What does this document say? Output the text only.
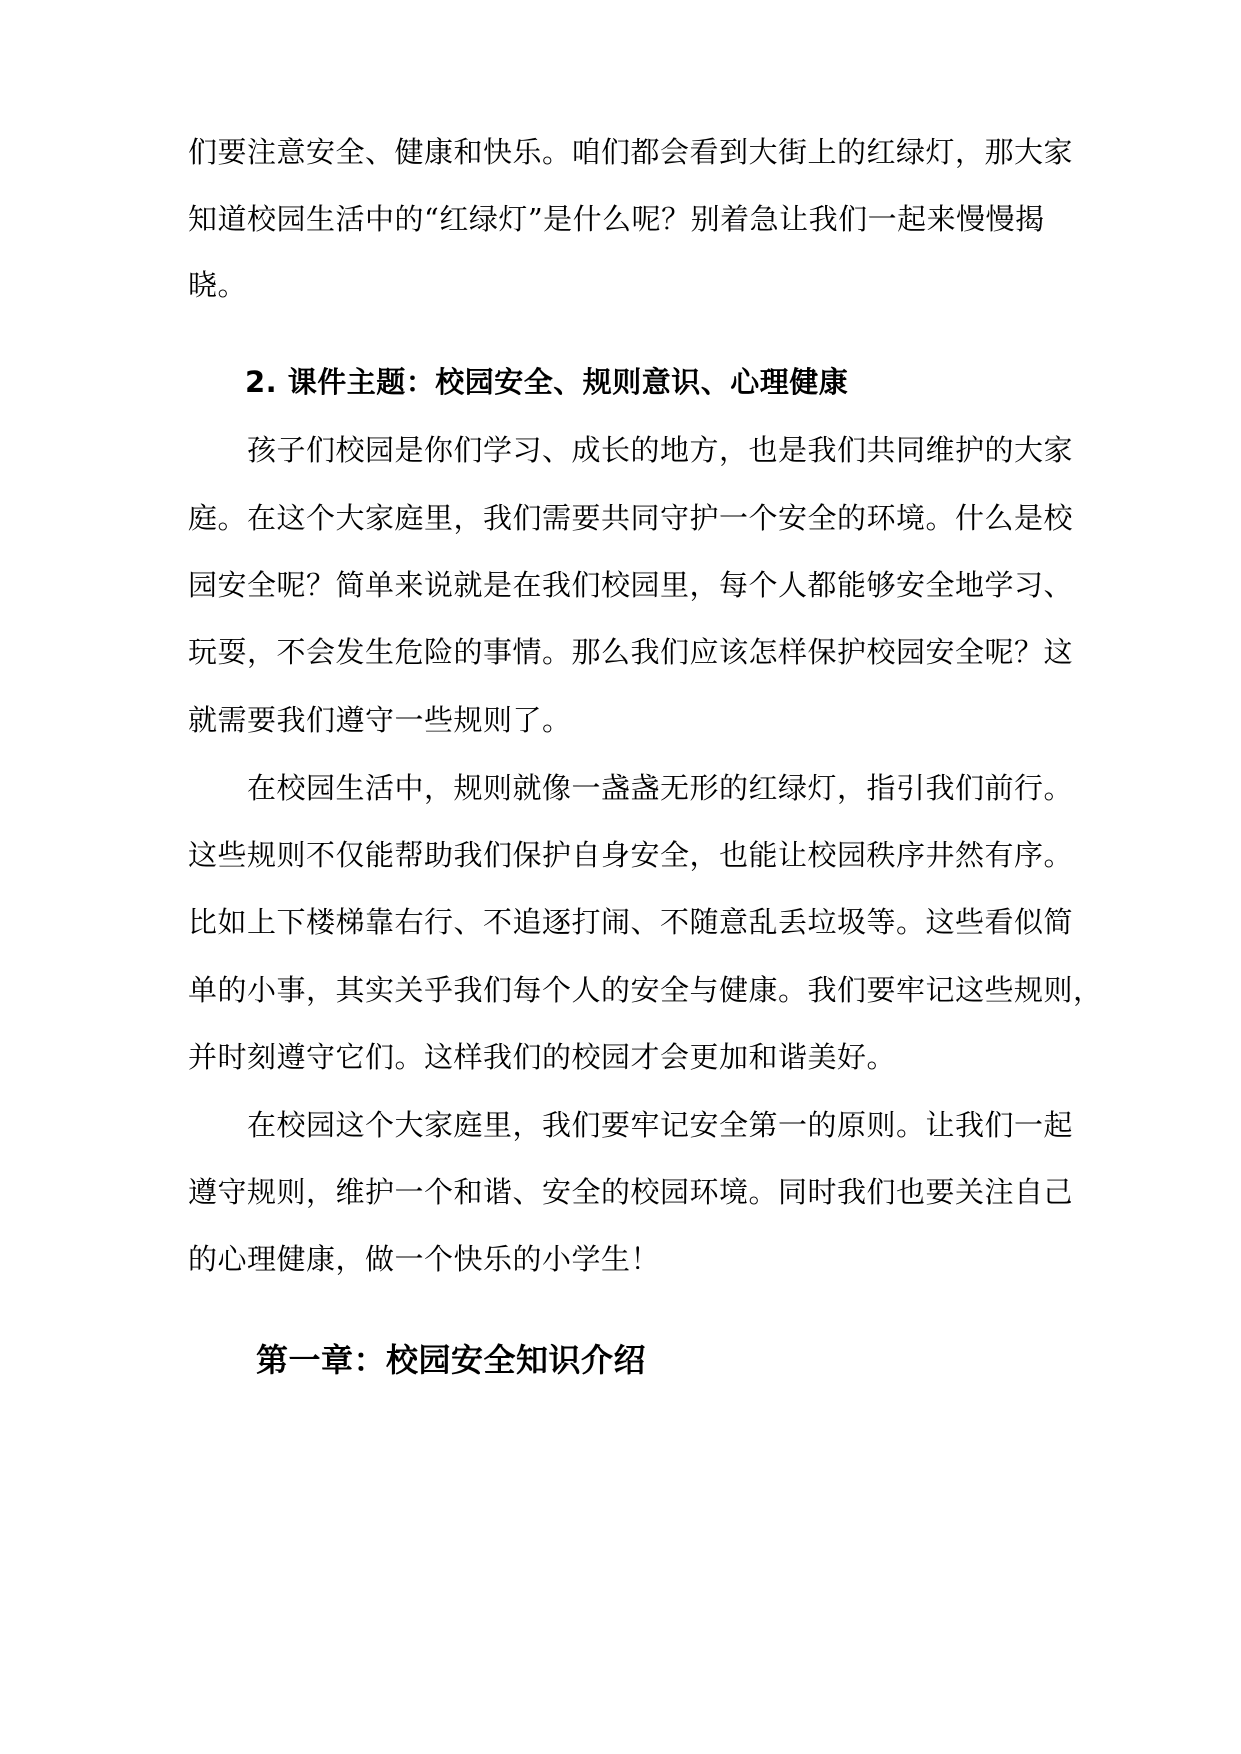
们要注意安全、健康和快乐。咱们都会看到大街上的红绿灯，那大家

知道校园生活中的“红绿灯”是什么呢？别着急让我们一起来慢慢揭

晓。

2. 课件主题：校园安全、规则意识、心理健康

孩子们校园是你们学习、成长的地方，也是我们共同维护的大家

庭。在这个大家庭里，我们需要共同守护一个安全的环境。什么是校

园安全呢？简单来说就是在我们校园里，每个人都能够安全地学习、

玩耍，不会发生危险的事情。那么我们应该怎样保护校园安全呢？这

就需要我们遵守一些规则了。

在校园生活中，规则就像一盏盏无形的红绿灯，指引我们前行。

这些规则不仅能帮助我们保护自身安全，也能让校园秩序井然有序。

比如上下楼梯靠右行、不追逐打闹、不随意乱丢垃圾等。这些看似简

单的小事，其实关乎我们每个人的安全与健康。我们要牢记这些规则，

并时刻遵守它们。这样我们的校园才会更加和谐美好。

在校园这个大家庭里，我们要牢记安全第一的原则。让我们一起

遵守规则，维护一个和谐、安全的校园环境。同时我们也要关注自己

的心理健康，做一个快乐的小学生！

第一章：校园安全知识介绍
